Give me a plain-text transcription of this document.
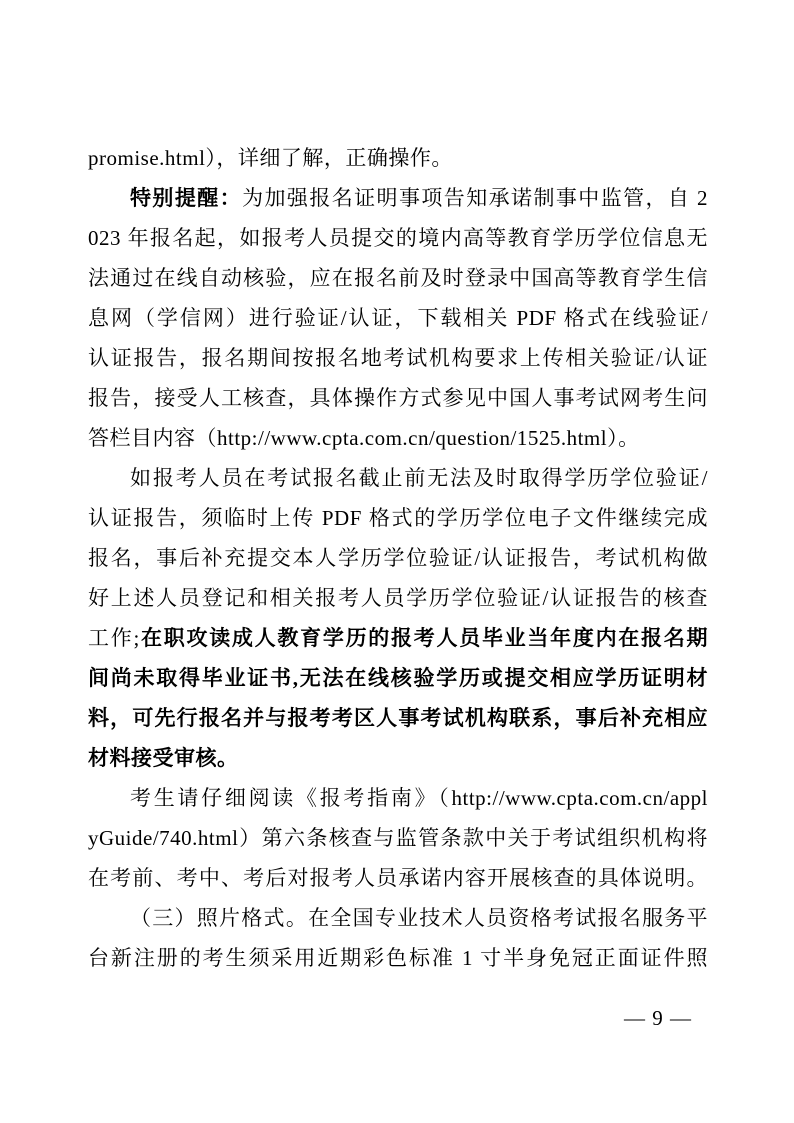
promise.html），详细了解，正确操作。
特别提醒：为加强报名证明事项告知承诺制事中监管，自 2
023 年报名起，如报考人员提交的境内高等教育学历学位信息无
法通过在线自动核验，应在报名前及时登录中国高等教育学生信
息网（学信网）进行验证/认证，下载相关 PDF 格式在线验证/
认证报告，报名期间按报名地考试机构要求上传相关验证/认证
报告，接受人工核查，具体操作方式参见中国人事考试网考生问
答栏目内容（http://www.cpta.com.cn/question/1525.html）。
如报考人员在考试报名截止前无法及时取得学历学位验证/
认证报告，须临时上传 PDF 格式的学历学位电子文件继续完成
报名，事后补充提交本人学历学位验证/认证报告，考试机构做
好上述人员登记和相关报考人员学历学位验证/认证报告的核查
工作;在职攻读成人教育学历的报考人员毕业当年度内在报名期
间尚未取得毕业证书,无法在线核验学历或提交相应学历证明材
料，可先行报名并与报考考区人事考试机构联系，事后补充相应
材料接受审核。
考生请仔细阅读《报考指南》（http://www.cpta.com.cn/appl
yGuide/740.html）第六条核查与监管条款中关于考试组织机构将
在考前、考中、考后对报考人员承诺内容开展核查的具体说明。
（三）照片格式。在全国专业技术人员资格考试报名服务平
台新注册的考生须采用近期彩色标准 1 寸半身免冠正面证件照
— 9 —
